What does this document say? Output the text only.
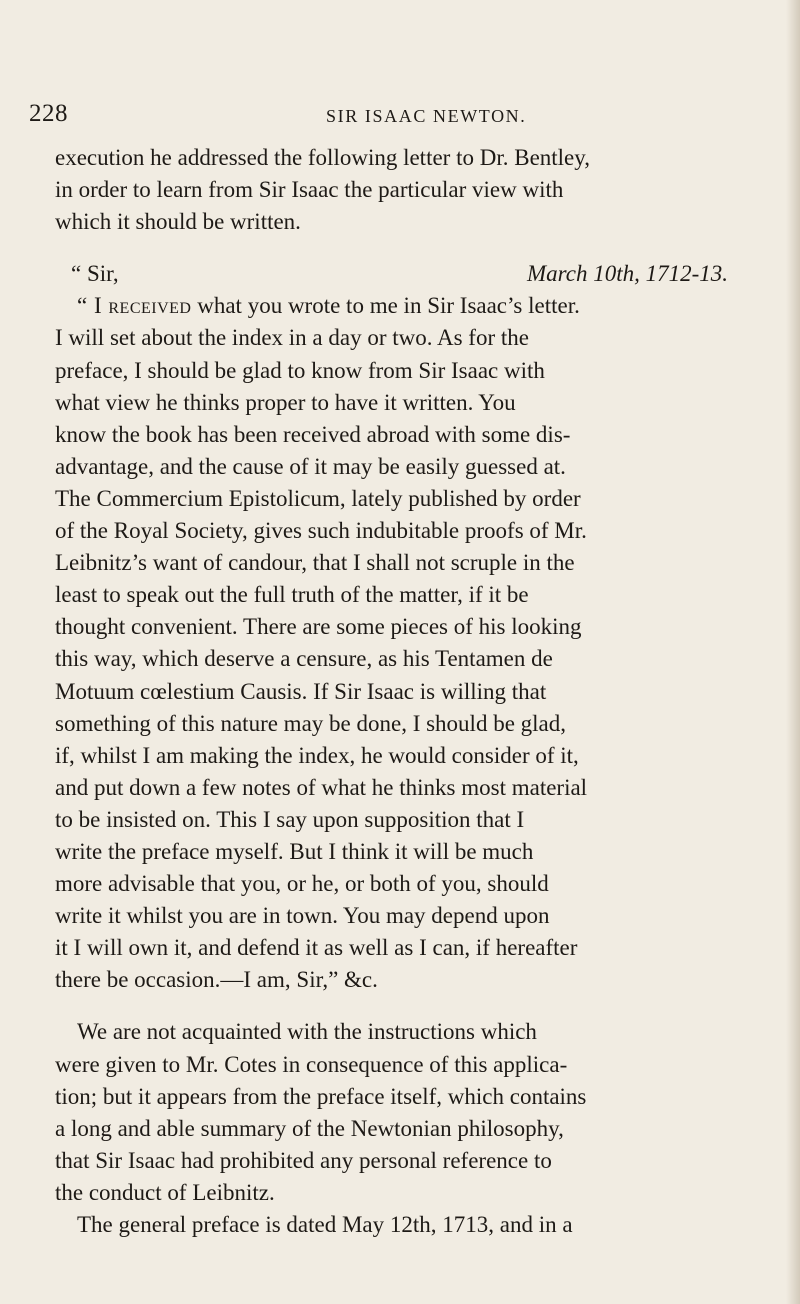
228	SIR ISAAC NEWTON.

execution he addressed the following letter to Dr. Bentley,
in order to learn from Sir Isaac the particular view with
which it should be written.

“ Sir,	March 10th, 1712-13.
“ I received what you wrote to me in Sir Isaac’s letter.
I will set about the index in a day or two. As for the
preface, I should be glad to know from Sir Isaac with
what view he thinks proper to have it written. You
know the book has been received abroad with some dis-
advantage, and the cause of it may be easily guessed at.
The Commercium Epistolicum, lately published by order
of the Royal Society, gives such indubitable proofs of Mr.
Leibnitz’s want of candour, that I shall not scruple in the
least to speak out the full truth of the matter, if it be
thought convenient. There are some pieces of his looking
this way, which deserve a censure, as his Tentamen de
Motuum cœlestium Causis. If Sir Isaac is willing that
something of this nature may be done, I should be glad,
if, whilst I am making the index, he would consider of it,
and put down a few notes of what he thinks most material
to be insisted on. This I say upon supposition that I
write the preface myself. But I think it will be much
more advisable that you, or he, or both of you, should
write it whilst you are in town. You may depend upon
it I will own it, and defend it as well as I can, if hereafter
there be occasion.—I am, Sir,” &c.

We are not acquainted with the instructions which
were given to Mr. Cotes in consequence of this applica-
tion; but it appears from the preface itself, which contains
a long and able summary of the Newtonian philosophy,
that Sir Isaac had prohibited any personal reference to
the conduct of Leibnitz.
The general preface is dated May 12th, 1713, and in a
